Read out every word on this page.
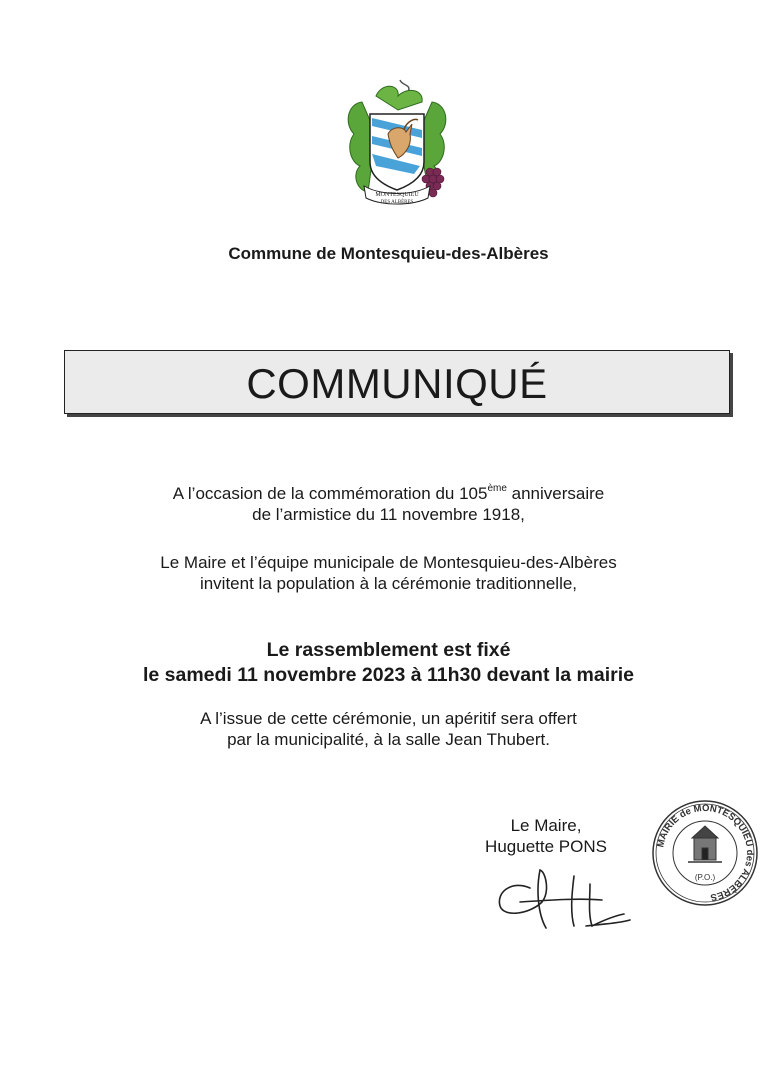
MONTESQUIEU
DES ALBÈRES
Commune de Montesquieu-des-Albères
COMMUNIQUÉ
A l’occasion de la commémoration du 105ème anniversaire
de l’armistice du 11 novembre 1918,
Le Maire et l’équipe municipale de Montesquieu-des-Albères
invitent la population à la cérémonie traditionnelle,
Le rassemblement est fixé
le samedi 11 novembre 2023 à 11h30 devant la mairie
A l’issue de cette cérémonie, un apéritif sera offert
par la municipalité, à la salle Jean Thubert.
Le Maire,
Huguette PONS	MAIRIE de MONTESQUIEU des ALBÈRES
(P.O.)
